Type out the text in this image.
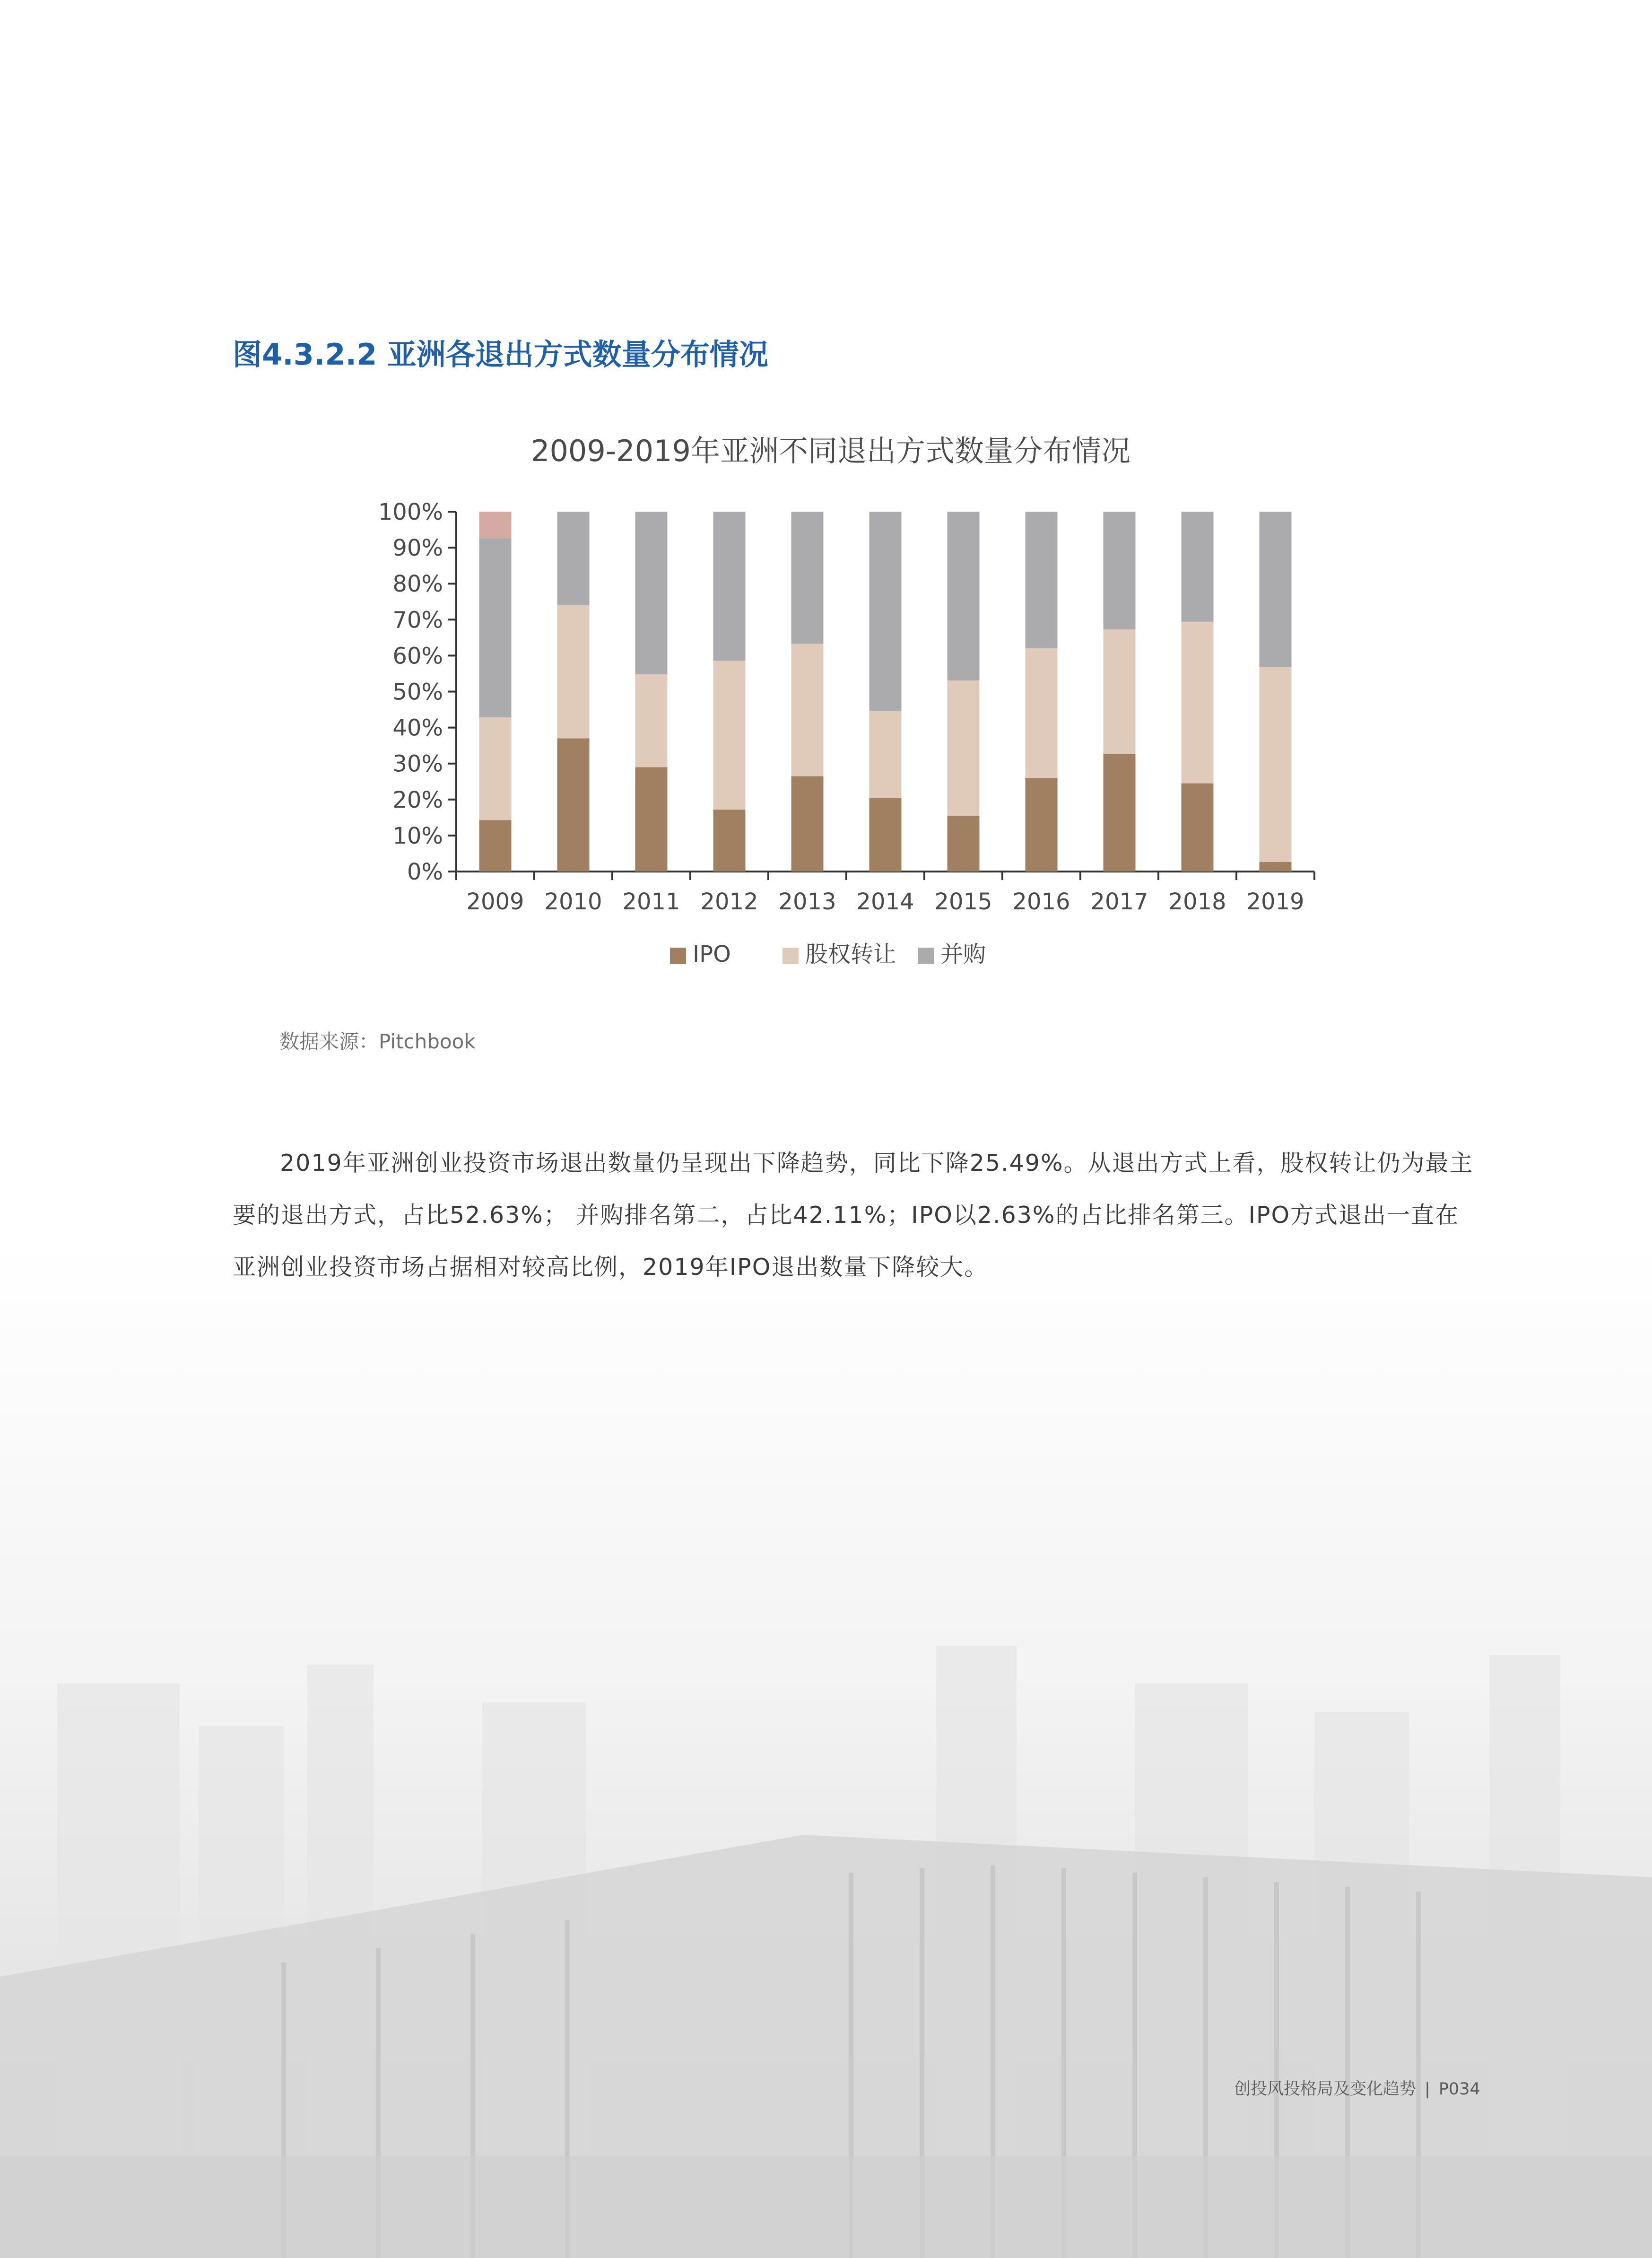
图4.3.2.2 亚洲各退出方式数量分布情况
2009-2019年亚洲不同退出方式数量分布情况
0%
10%
20%
30%
40%
50%
60%
70%
80%
90%
100%
2009 2010 2011 2012 2013 2014 2015 2016 2017 2018 2019
IPO	股权转让 并购
数据来源：Pitchbook

2019年亚洲创业投资市场退出数量仍呈现出下降趋势，同比下降25.49%。从退出方式上看，股权转让仍为最主要的退出方式，占比52.63%； 并购排名第二，占比42.11%；IPO以2.63%的占比排名第三。IPO方式退出一直在亚洲创业投资市场占据相对较高比例，2019年IPO退出数量下降较大。

创投风投格局及变化趋势 | P034
